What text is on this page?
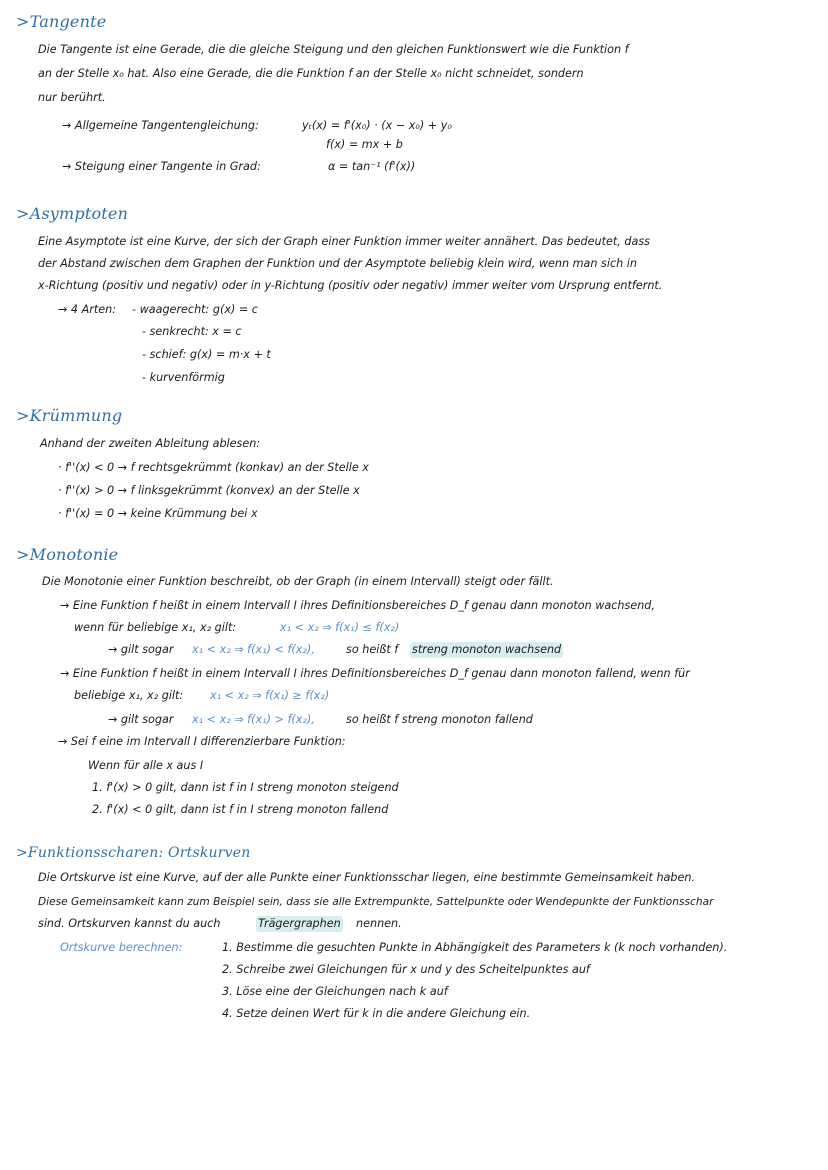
>Tangente
Die Tangente ist eine Gerade, die die gleiche Steigung und den gleichen Funktionswert wie die Funktion f
an der Stelle x₀ hat. Also eine Gerade, die die Funktion f an der Stelle x₀ nicht schneidet, sondern
nur berührt.
→ Allgemeine Tangentengleichung:	yₜ(x) = f'(x₀) · (x − x₀) + y₀
f(x) = mx + b
→ Steigung einer Tangente in Grad:	α = tan⁻¹ (f'(x))
>Asymptoten
Eine Asymptote ist eine Kurve, der sich der Graph einer Funktion immer weiter annähert. Das bedeutet, dass
der Abstand zwischen dem Graphen der Funktion und der Asymptote beliebig klein wird, wenn man sich in
x-Richtung (positiv und negativ) oder in y-Richtung (positiv oder negativ) immer weiter vom Ursprung entfernt.
→ 4 Arten: - waagerecht: g(x) = c
- senkrecht: x = c
- schief: g(x) = m·x + t
- kurvenförmig
>Krümmung
Anhand der zweiten Ableitung ablesen:
· f''(x) < 0 → f rechtsgekrümmt (konkav) an der Stelle x
· f''(x) > 0 → f linksgekrümmt (konvex) an der Stelle x
· f''(x) = 0 → keine Krümmung bei x
>Monotonie
Die Monotonie einer Funktion beschreibt, ob der Graph (in einem Intervall) steigt oder fällt.
→ Eine Funktion f heißt in einem Intervall I ihres Definitionsbereiches D_f genau dann monoton wachsend,
wenn für beliebige x₁, x₂ gilt:	x₁ < x₂ ⇒ f(x₁) ≤ f(x₂)
→ gilt sogar x₁ < x₂ ⇒ f(x₁) < f(x₂),	so heißt f streng monoton wachsend
→ Eine Funktion f heißt in einem Intervall I ihres Definitionsbereiches D_f genau dann monoton fallend, wenn für
beliebige x₁, x₂ gilt: x₁ < x₂ ⇒ f(x₁) ≥ f(x₂)
→ gilt sogar x₁ < x₂ ⇒ f(x₁) > f(x₂),	so heißt f streng monoton fallend
→ Sei f eine im Intervall I differenzierbare Funktion:
Wenn für alle x aus I
1. f'(x) > 0 gilt, dann ist f in I streng monoton steigend
2. f'(x) < 0 gilt, dann ist f in I streng monoton fallend
>Funktionsscharen: Ortskurven
Die Ortskurve ist eine Kurve, auf der alle Punkte einer Funktionsschar liegen, eine bestimmte Gemeinsamkeit haben.
Diese Gemeinsamkeit kann zum Beispiel sein, dass sie alle Extrempunkte, Sattelpunkte oder Wendepunkte der Funktionsschar
sind. Ortskurven kannst du auch	Trägergraphen nennen.
Ortskurve berechnen:	1. Bestimme die gesuchten Punkte in Abhängigkeit des Parameters k (k noch vorhanden).
2. Schreibe zwei Gleichungen für x und y des Scheitelpunktes auf
3. Löse eine der Gleichungen nach k auf
4. Setze deinen Wert für k in die andere Gleichung ein.
